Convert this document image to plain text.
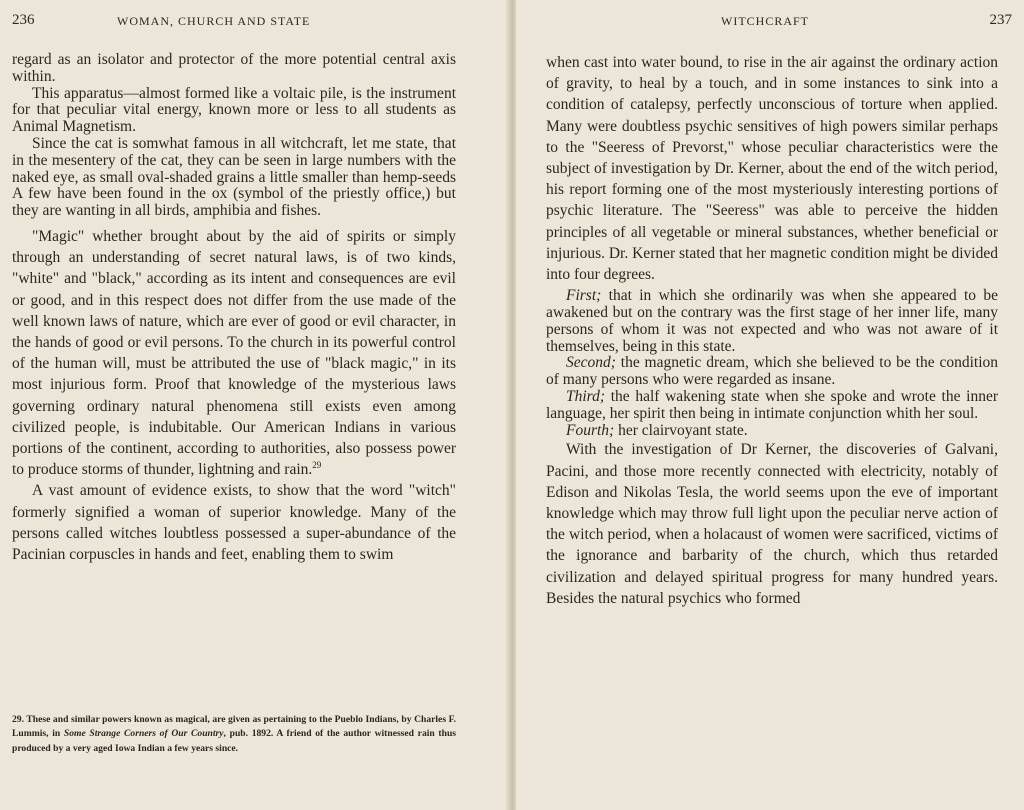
236	WOMAN, CHURCH AND STATE

regard as an isolator and protector of the more potential central axis within.

This apparatus—almost formed like a voltaic pile, is the instrument for that peculiar vital energy, known more or less to all students as Animal Magnetism.

Since the cat is somwhat famous in all witchcraft, let me state, that in the mesentery of the cat, they can be seen in large numbers with the naked eye, as small oval-shaded grains a little smaller than hemp-seeds A few have been found in the ox (symbol of the priestly office,) but they are wanting in all birds, amphibia and fishes.

"Magic" whether brought about by the aid of spirits or simply through an understanding of secret natural laws, is of two kinds, "white" and "black," according as its intent and consequences are evil or good, and in this respect does not differ from the use made of the well known laws of nature, which are ever of good or evil character, in the hands of good or evil persons. To the church in its powerful control of the human will, must be attributed the use of "black magic," in its most injurious form. Proof that knowledge of the mysterious laws governing ordinary natural phenomena still exists even among civilized people, is indubitable. Our American Indians in various portions of the continent, according to authorities, also possess power to produce storms of thunder, lightning and rain.$^{29}$

A vast amount of evidence exists, to show that the word "witch" formerly signified a woman of superior knowledge. Many of the persons called witches loubtless possessed a super-abundance of the Pacinian corpuscles in hands and feet, enabling them to swim

29. These and similar powers known as magical, are given as pertaining to the Pueblo Indians, by Charles F. Lummis, in Some Strange Corners of Our Country, pub. 1892. A friend of the author witnessed rain thus produced by a very aged Iowa Indian a few years since.
WITCHCRAFT	237

when cast into water bound, to rise in the air against the ordinary action of gravity, to heal by a touch, and in some instances to sink into a condition of catalepsy, perfectly unconscious of torture when applied. Many were doubtless psychic sensitives of high powers similar perhaps to the "Seeress of Prevorst," whose peculiar characteristics were the subject of investigation by Dr. Kerner, about the end of the witch period, his report forming one of the most mysteriously interesting portions of psychic literature. The "Seeress" was able to perceive the hidden principles of all vegetable or mineral substances, whether beneficial or injurious. Dr. Kerner stated that her magnetic condition might be divided into four degrees.

First; that in which she ordinarily was when she appeared to be awakened but on the contrary was the first stage of her inner life, many persons of whom it was not expected and who was not aware of it themselves, being in this state.

Second; the magnetic dream, which she believed to be the condition of many persons who were regarded as insane.

Third; the half wakening state when she spoke and wrote the inner language, her spirit then being in intimate conjunction whith her soul.

Fourth; her clairvoyant state.

With the investigation of Dr Kerner, the discoveries of Galvani, Pacini, and those more recently connected with electricity, notably of Edison and Nikolas Tesla, the world seems upon the eve of important knowledge which may throw full light upon the peculiar nerve action of the witch period, when a holacaust of women were sacrificed, victims of the ignorance and barbarity of the church, which thus retarded civilization and delayed spiritual progress for many hundred years. Besides the natural psychics who formed
